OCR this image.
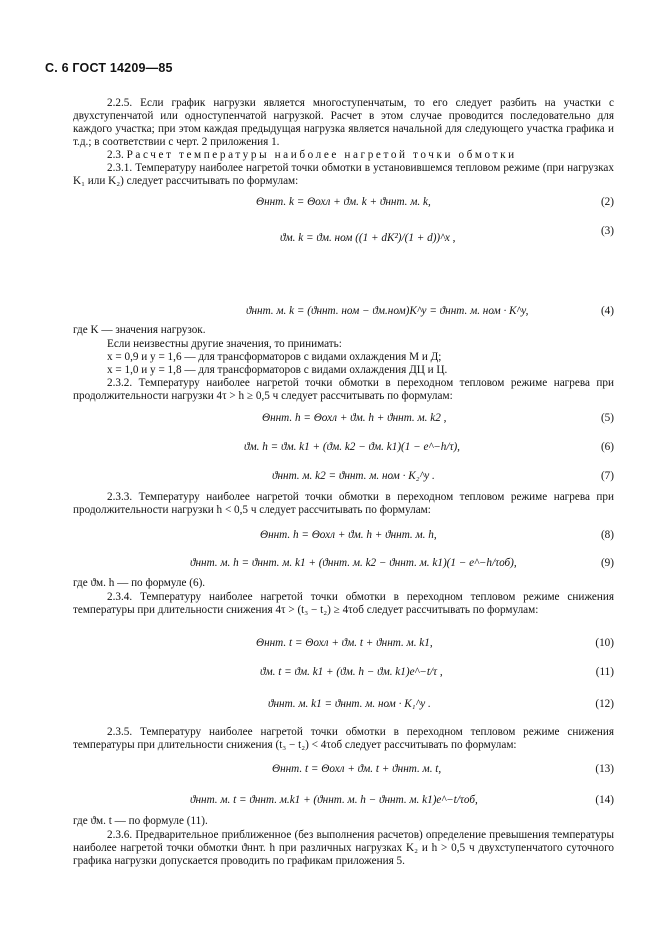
С. 6 ГОСТ 14209—85
2.2.5. Если график нагрузки является многоступенчатым, то его следует разбить на участки с двухступенчатой или одноступенчатой нагрузкой. Расчет в этом случае проводится последовательно для каждого участка; при этом каждая предыдущая нагрузка является начальной для следующего участка графика и т.д.; в соответствии с черт. 2 приложения 1.
2.3. Расчет температуры наиболее нагретой точки обмотки
2.3.1. Температуру наиболее нагретой точки обмотки в установившемся тепловом режиме (при нагрузках K₁ или K₂) следует рассчитывать по формулам:
Θннт. k = Θохл + ϑм. k + ϑннт. м. k,	(2)
ϑм. k = ϑм. ном ((1 + dK²)/(1 + d))^x ,
(3)
ϑннт. м. k = (ϑннт. ном − ϑм.ном)K^y = ϑннт. м. ном · K^y,	(4)
где K — значения нагрузок.
Если неизвестны другие значения, то принимать:
x = 0,9 и y = 1,6 — для трансформаторов с видами охлаждения М и Д;
x = 1,0 и y = 1,8 — для трансформаторов с видами охлаждения ДЦ и Ц.
2.3.2. Температуру наиболее нагретой точки обмотки в переходном тепловом режиме нагрева при продолжительности нагрузки 4τ > h ≥ 0,5 ч следует рассчитывать по формулам:
Θннт. h = Θохл + ϑм. h + ϑннт. м. k2 ,	(5)
ϑм. h = ϑм. k1 + (ϑм. k2 − ϑм. k1)(1 − e^−h/τ),	(6)
ϑннт. м. k2 = ϑннт. м. ном · K₂^y .	(7)
2.3.3. Температуру наиболее нагретой точки обмотки в переходном тепловом режиме нагрева при продолжительности нагрузки h < 0,5 ч следует рассчитывать по формулам:
Θннт. h = Θохл + ϑм. h + ϑннт. м. h,	(8)
ϑннт. м. h = ϑннт. м. k1 + (ϑннт. м. k2 − ϑннт. м. k1)(1 − e^−h/τоб),	(9)
где ϑм. h — по формуле (6).
2.3.4. Температуру наиболее нагретой точки обмотки в переходном тепловом режиме снижения температуры при длительности снижения 4τ > (t₃ − t₂) ≥ 4τоб следует рассчитывать по формулам:
Θннт. t = Θохл + ϑм. t + ϑннт. м. k1,	(10)
ϑм. t = ϑм. k1 + (ϑм. h − ϑм. k1)e^−t/τ ,	(11)
ϑннт. м. k1 = ϑннт. м. ном · K₁^y .	(12)
2.3.5. Температуру наиболее нагретой точки обмотки в переходном тепловом режиме снижения температуры при длительности снижения (t₃ − t₂) < 4τоб следует рассчитывать по формулам:
Θннт. t = Θохл + ϑм. t + ϑннт. м. t,	(13)
ϑннт. м. t = ϑннт. м.k1 + (ϑннт. м. h − ϑннт. м. k1)e^−t/τоб,	(14)
где ϑм. t — по формуле (11).
2.3.6. Предварительное приближенное (без выполнения расчетов) определение превышения температуры наиболее нагретой точки обмотки ϑннт. h при различных нагрузках K₂ и h > 0,5 ч двухступенчатого суточного графика нагрузки допускается проводить по графикам приложения 5.
